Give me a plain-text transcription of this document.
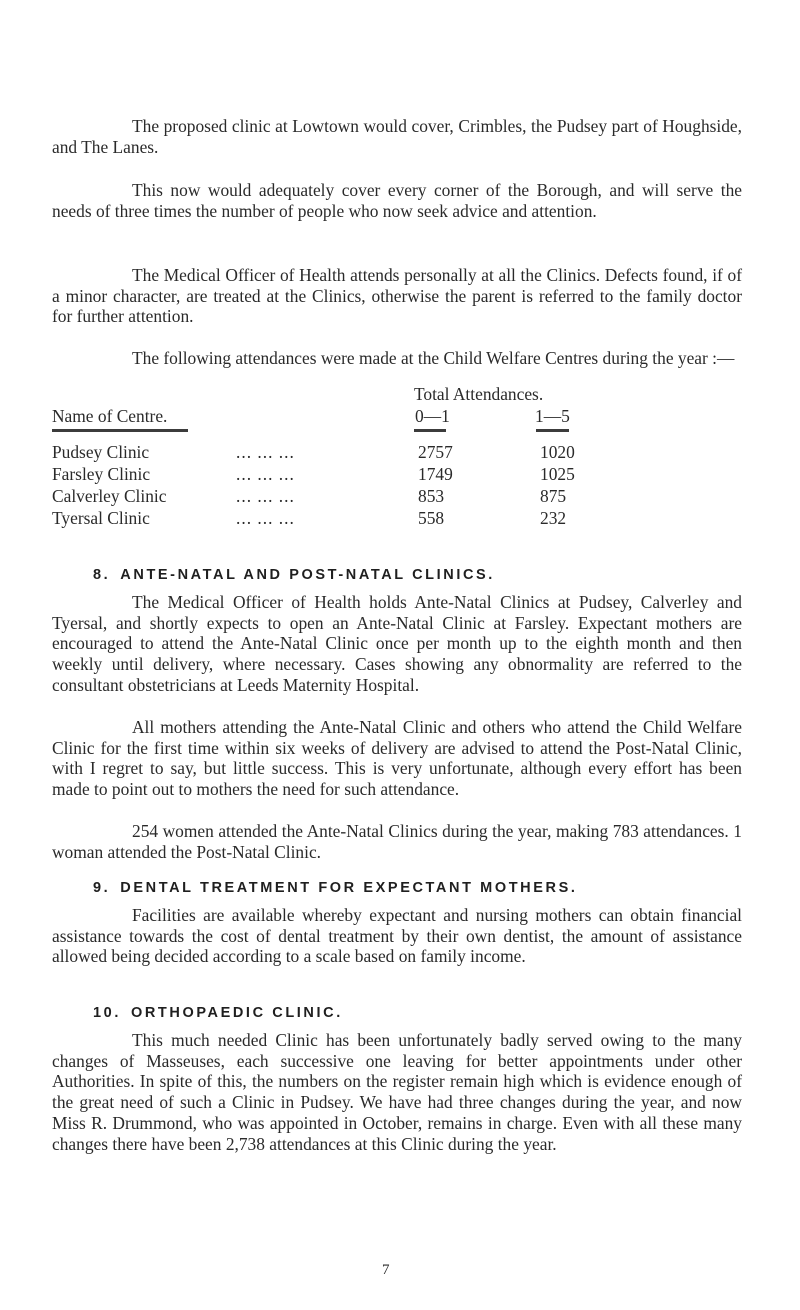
The proposed clinic at Lowtown would cover, Crimbles, the Pudsey part of Houghside, and The Lanes.

This now would adequately cover every corner of the Borough, and will serve the needs of three times the number of people who now seek advice and attention.

The Medical Officer of Health attends personally at all the Clinics. Defects found, if of a minor character, are treated at the Clinics, otherwise the parent is referred to the family doctor for further attention.

The following attendances were made at the Child Welfare Centres during the year :—

Total Attendances.
Name of Centre.	0—1	1—5
Pudsey Clinic	... ... ...	2757	1020
Farsley Clinic	... ... ...	1749	1025
Calverley Clinic	... ... ...	853	875
Tyersal Clinic	... ... ...	558	232
8. ANTE-NATAL AND POST-NATAL CLINICS.

The Medical Officer of Health holds Ante-Natal Clinics at Pudsey, Calverley and Tyersal, and shortly expects to open an Ante-Natal Clinic at Farsley. Expectant mothers are encouraged to attend the Ante-Natal Clinic once per month up to the eighth month and then weekly until delivery, where necessary. Cases showing any obnormality are referred to the consultant obstetricians at Leeds Maternity Hospital.

All mothers attending the Ante-Natal Clinic and others who attend the Child Welfare Clinic for the first time within six weeks of delivery are advised to attend the Post-Natal Clinic, with I regret to say, but little success. This is very unfortunate, although every effort has been made to point out to mothers the need for such attendance.

254 women attended the Ante-Natal Clinics during the year, making 783 attendances. 1 woman attended the Post-Natal Clinic.

9. DENTAL TREATMENT FOR EXPECTANT MOTHERS.

Facilities are available whereby expectant and nursing mothers can obtain financial assistance towards the cost of dental treatment by their own dentist, the amount of assistance allowed being decided according to a scale based on family income.

10. ORTHOPAEDIC CLINIC.

This much needed Clinic has been unfortunately badly served owing to the many changes of Masseuses, each successive one leaving for better appointments under other Authorities. In spite of this, the numbers on the register remain high which is evidence enough of the great need of such a Clinic in Pudsey. We have had three changes during the year, and now Miss R. Drummond, who was appointed in October, remains in charge. Even with all these many changes there have been 2,738 attendances at this Clinic during the year.

7
